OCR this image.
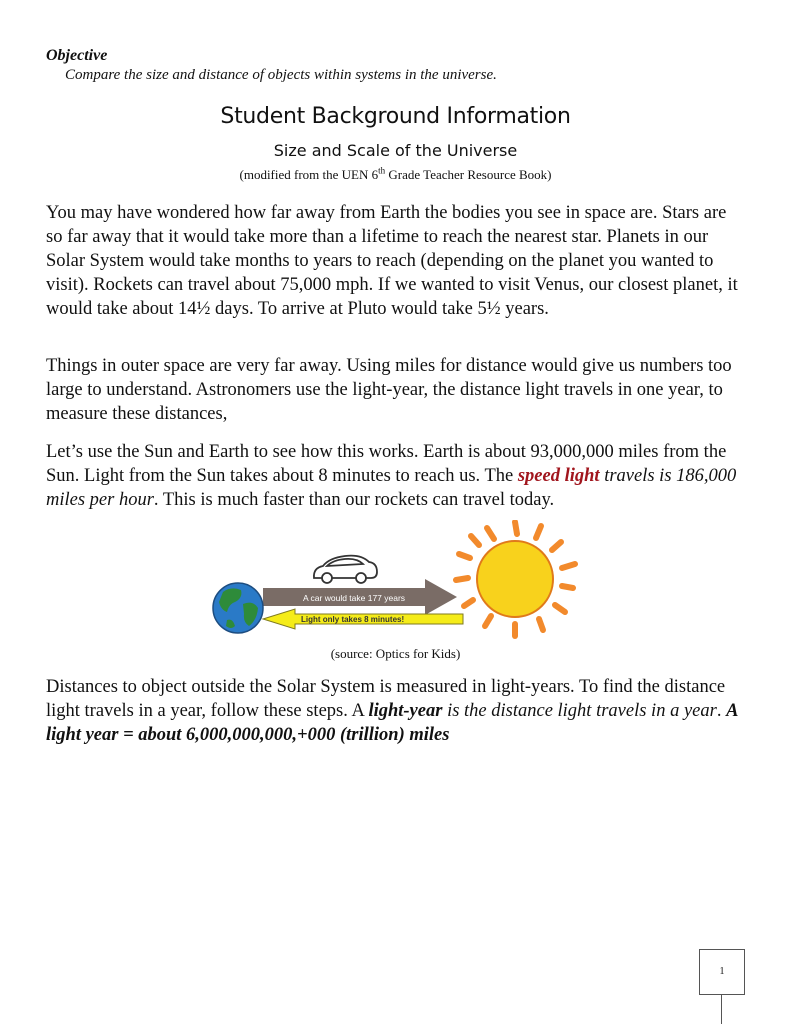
Objective
Compare the size and distance of objects within systems in the universe.
Student Background Information
Size and Scale of the Universe
(modified from the UEN 6th Grade Teacher Resource Book)
You may have wondered how far away from Earth the bodies you see in space are. Stars are so far away that it would take more than a lifetime to reach the nearest star. Planets in our Solar System would take months to years to reach (depending on the planet you wanted to visit). Rockets can travel about 75,000 mph. If we wanted to visit Venus, our closest planet, it would take about 14½ days. To arrive at Pluto would take 5½ years.
Things in outer space are very far away. Using miles for distance would give us numbers too large to understand. Astronomers use the light-year, the distance light travels in one year, to measure these distances,
Let’s use the Sun and Earth to see how this works. Earth is about 93,000,000 miles from the Sun. Light from the Sun takes about 8 minutes to reach us. The speed light travels is 186,000 miles per hour. This is much faster than our rockets can travel today.
A car would take 177 years
Light only takes 8 minutes!
(source: Optics for Kids)
Distances to object outside the Solar System is measured in light-years. To find the distance light travels in a year, follow these steps. A light-year is the distance light travels in a year. A light year = about 6,000,000,000,+000 (trillion) miles
1
